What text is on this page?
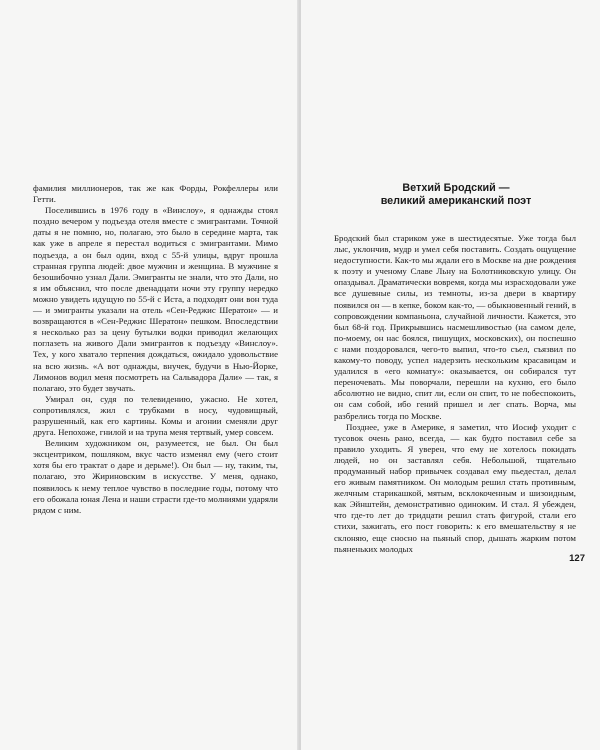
фамилия миллионеров, так же как Форды, Рокфеллеры или Гетти.

Поселившись в 1976 году в «Винслоу», я однажды стоял поздно вечером у подъезда отеля вместе с эмигрантами. Точной даты я не помню, но, полагаю, это было в середине марта, так как уже в апреле я перестал водиться с эмигрантами. Мимо подъезда, а он был один, вход с 55-й улицы, вдруг прошла странная группа людей: двое мужчин и женщина. В мужчине я безошибочно узнал Дали. Эмигранты не знали, что это Дали, но я им объяснил, что после двенадцати ночи эту группу нередко можно увидеть идущую по 55-й с Иста, а подходят они вон туда — и эмигранты указали на отель «Сен-Реджис Шератон» — и возвращаются в «Сен-Реджис Шератон» пешком. Впоследствии я несколько раз за цену бутылки водки приводил желающих поглазеть на живого Дали эмигрантов к подъезду «Винслоу». Тех, у кого хватало терпения дождаться, ожидало удовольствие на всю жизнь. «А вот однажды, внучек, будучи в Нью-Йорке, Лимонов водил меня посмотреть на Сальвадора Дали» — так, я полагаю, это будет звучать.

Умирал он, судя по телевидению, ужасно. Не хотел, сопротивлялся, жил с трубками в носу, чудовищный, разрушенный, как его картины. Комы и агонии сменяли друг друга. Непохоже, гнилой и на трупа меня тертвый, умер совсем.

Великим художником он, разумеется, не был. Он был эксцентриком, пошляком, вкус часто изменял ему (чего стоит хотя бы его трактат о даре и дерьме!). Он был — ну, таким, ты, полагаю, это Жириновским в искусстве. У меня, однако, появилось к нему теплое чувство в последние годы, потому что его обожала юная Лена и наши страсти где-то молниями ударяли рядом с ним.

Ветхий Бродский —
великий американский поэт

Бродский был стариком уже в шестидесятые. Уже тогда был лыс, уклончив, мудр и умел себя поставить. Создать ощущение недоступности. Как-то мы ждали его в Москве на дне рождения к поэту и ученому Славе Льну на Болотниковскую улицу. Он опаздывал. Драматически вовремя, когда мы израсходовали уже все душевные силы, из темноты, из-за двери в квартиру появился он — в кепке, боком как-то, — обыкновенный гений, в сопровождении компаньона, случайной личности. Кажется, это был 68-й год. Прикрывшись насмешливостью (на самом деле, по-моему, он нас боялся, пишущих, московских), он поспешно с нами поздоровался, чего-то выпил, что-то съел, съязвил по какому-то поводу, успел надерзить нескольким красавицам и удалился в «его комнату»: оказывается, он собирался тут переночевать. Мы поворчали, перешли на кухню, его было абсолютно не видно, спит ли, если он спит, то не побеспокоить, он сам собой, ибо гений пришел и лег спать. Ворча, мы разбрелись тогда по Москве.

Позднее, уже в Америке, я заметил, что Иосиф уходит с тусовок очень рано, всегда, — как будто поставил себе за правило уходить. Я уверен, что ему не хотелось покидать людей, но он заставлял себя. Небольшой, тщательно продуманный набор привычек создавал ему пьедестал, делал его живым памятником. Он молодым решил стать противным, желчным старикашкой, мятым, всклокоченным и шизоидным, как Эйнштейн, демонстративно одиноким. И стал. Я убежден, что где-то лет до тридцати решил стать фигурой, стали его стихи, зажигать, его пост говорить: к его вмешательству я не склоняю, еще сносно на пьяный спор, дышать жарким потом пьяненьких молодых

127
